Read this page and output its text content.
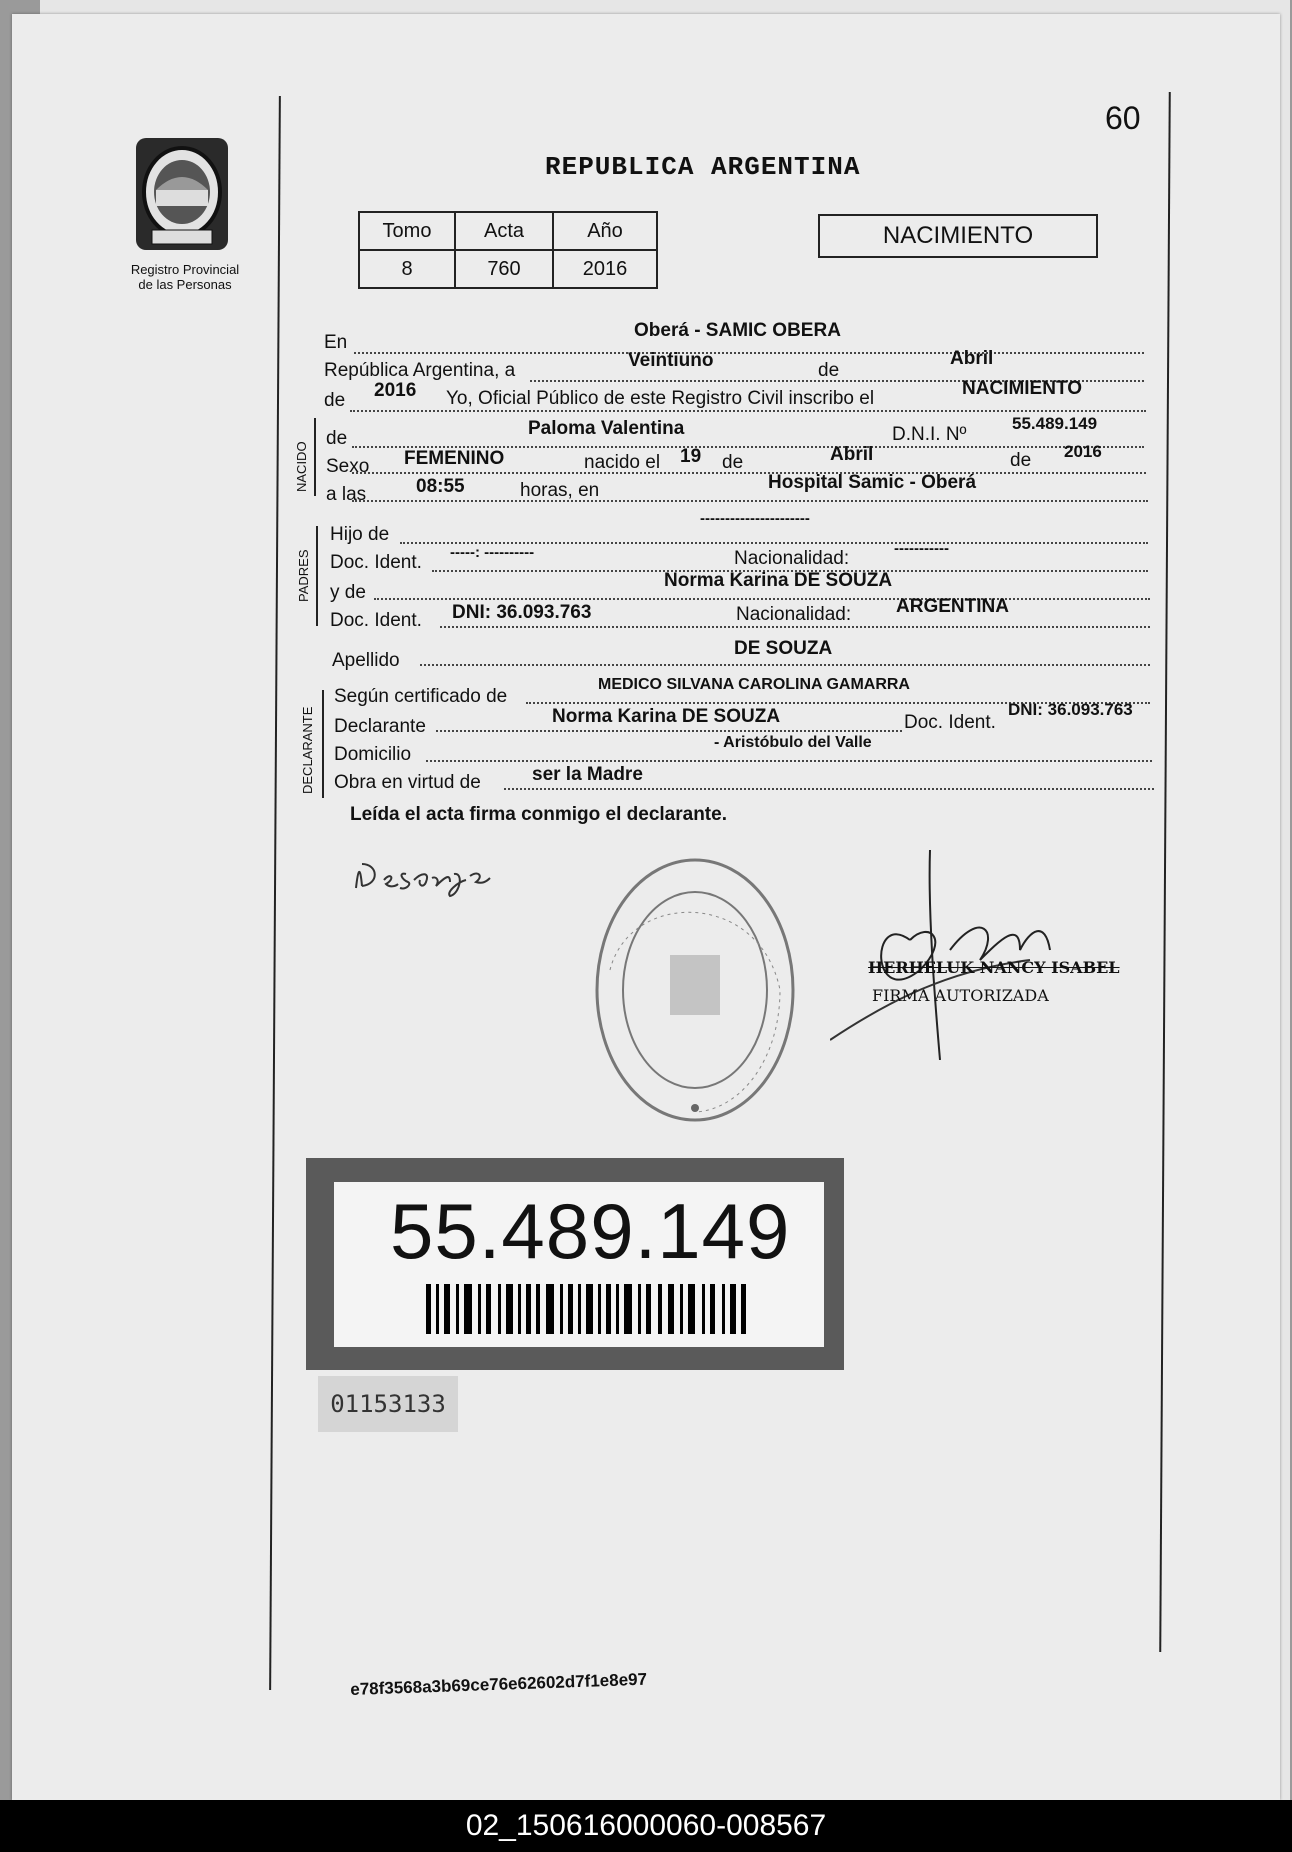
60
Registro Provincial
de las Personas
REPUBLICA ARGENTINA
Tomo	Acta	Año
8	760	2016
NACIMIENTO
En
Oberá - SAMIC OBERA
República Argentina, a	Veintiuno	de
Abril
de 2016 Yo, Oficial Público de este Registro Civil inscribo el	NACIMIENTO
NACIDO
de	Paloma Valentina	D.N.I. Nº
55.489.149
Sexo FEMENINO	nacido el 19 de	Abril	de 2016
a las	08:55	horas, en	Hospital Samic - Oberá
PADRES
Hijo de
----------------------
Doc. Ident. -----: ----------	Nacionalidad:	-----------
y de
Norma Karina DE SOUZA
Doc. Ident. DNI: 36.093.763	Nacionalidad: ARGENTINA
Apellido
DE SOUZA
DECLARANTE
Según certificado de
MEDICO SILVANA CAROLINA GAMARRA
Declarante	Norma Karina DE SOUZA	Doc. Ident.
DNI: 36.093.763
Domicilio
- Aristóbulo del Valle
Obra en virtud de	ser la Madre
Leída el acta firma conmigo el declarante.
HERHELUK NANCY ISABEL
FIRMA AUTORIZADA
55.489.149
01153133
e78f3568a3b69ce76e62602d7f1e8e97
02_150616000060-008567
